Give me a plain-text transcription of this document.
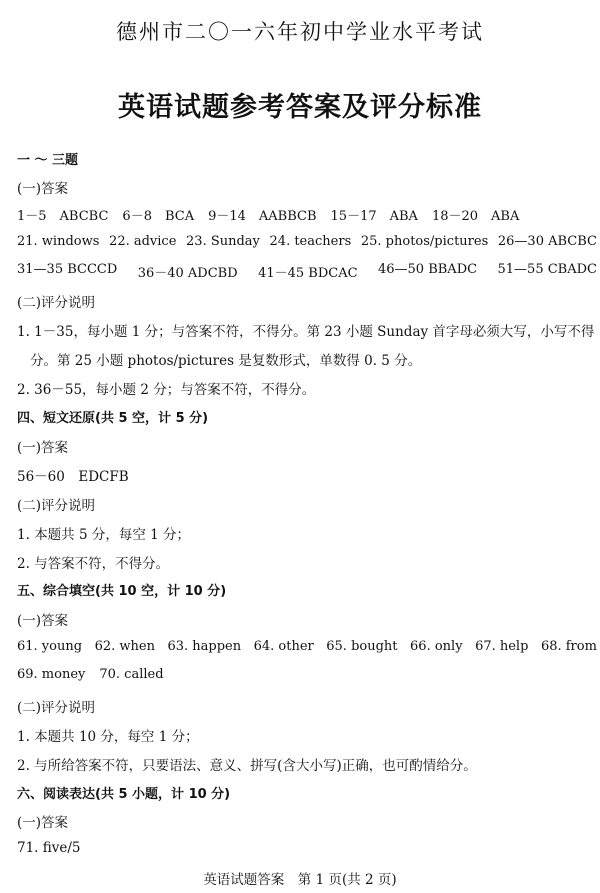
德州市二〇一六年初中学业水平考试
英语试题参考答案及评分标准
一 ～ 三题
(一)答案
1－5　ABCBC 6－8　BCA 9－14　AABBCB 15－17　ABA 18－20　ABA
21. windows 22. advice 23. Sunday 24. teachers 25. photos/pictures 26—30 ABCBC
31—35 BCCCD 36－40 ADCBD 41－45 BDCAC 46—50 BBADC 51—55 CBADC
(二)评分说明
1. 1－35，每小题 1 分；与答案不符，不得分。第 23 小题 Sunday 首字母必须大写，小写不得
分。第 25 小题 photos/pictures 是复数形式，单数得 0. 5 分。
2. 36－55，每小题 2 分；与答案不符，不得分。
四、短文还原(共 5 空，计 5 分)
(一)答案
56－60　EDCFB
(二)评分说明
1. 本题共 5 分，每空 1 分；
2. 与答案不符，不得分。
五、综合填空(共 10 空，计 10 分)
(一)答案
61. young 62. when 63. happen 64. other 65. bought 66. only 67. help 68. from
69. money 70. called
(二)评分说明
1. 本题共 10 分，每空 1 分；
2. 与所给答案不符，只要语法、意义、拼写(含大小写)正确，也可酌情给分。
六、阅读表达(共 5 小题，计 10 分)
(一)答案
71. five/5
英语试题答案　第 1 页(共 2 页)
